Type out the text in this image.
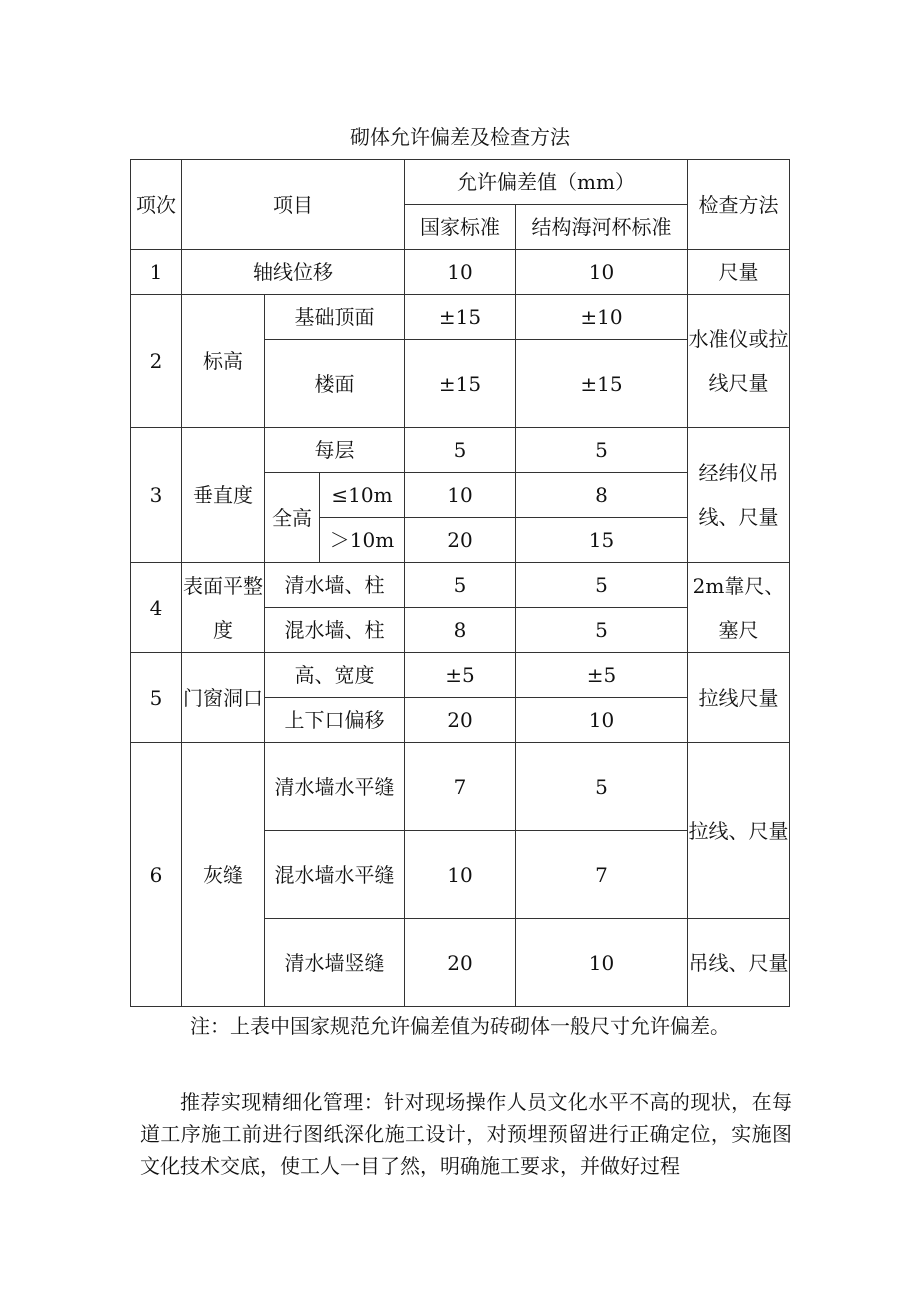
砌体允许偏差及检查方法
项次	项目			允许偏差值（mm）		检查方法
				国家标准	结构海河杯标准	
1	轴线位移			10	10	尺量
2	标高	基础顶面		±15	±10	水准仪或拉线尺量
		楼面		±15	±15	
3	垂直度	每层		5	5	经纬仪吊线、尺量
		全高	≤10m	10	8	
			＞10m	20	15	
4	表面平整度	清水墙、柱		5	5	2m靠尺、塞尺
		混水墙、柱		8	5	
5	门窗洞口	高、宽度		±5	±5	拉线尺量
		上下口偏移		20	10	
6	灰缝	清水墙水平缝		7	5	拉线、尺量
		混水墙水平缝		10	7	
		清水墙竖缝		20	10	吊线、尺量
注：上表中国家规范允许偏差值为砖砌体一般尺寸允许偏差。

推荐实现精细化管理：针对现场操作人员文化水平不高的现状，在每道工序施工前进行图纸深化施工设计，对预埋预留进行正确定位，实施图文化技术交底，使工人一目了然，明确施工要求，并做好过程
